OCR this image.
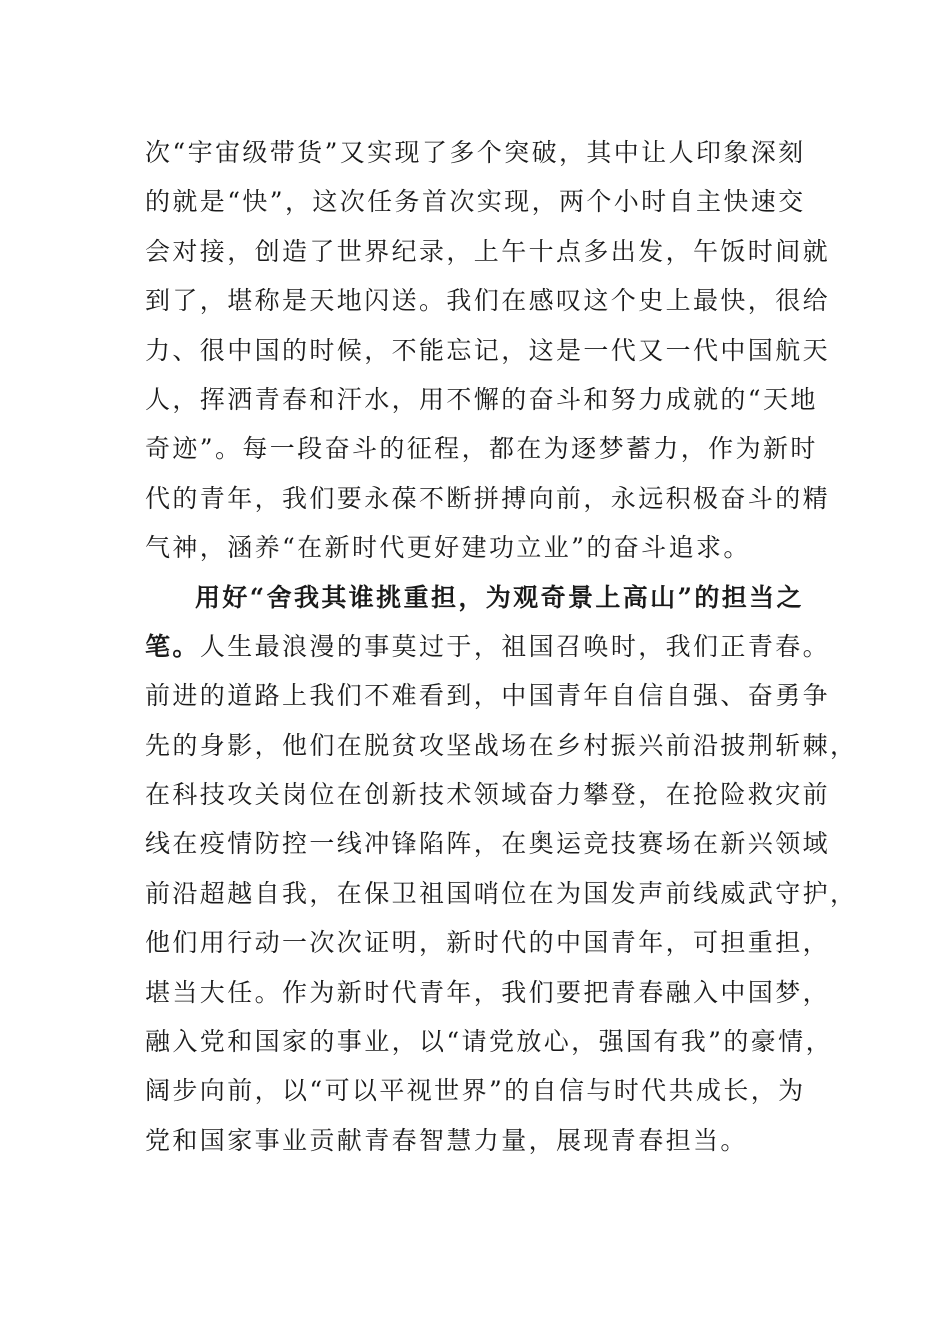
次“宇宙级带货”又实现了多个突破，其中让人印象深刻
的就是“快”，这次任务首次实现，两个小时自主快速交
会对接，创造了世界纪录，上午十点多出发，午饭时间就
到了，堪称是天地闪送。我们在感叹这个史上最快，很给
力、很中国的时候，不能忘记，这是一代又一代中国航天
人，挥洒青春和汗水，用不懈的奋斗和努力成就的“天地
奇迹”。每一段奋斗的征程，都在为逐梦蓄力，作为新时
代的青年，我们要永葆不断拼搏向前，永远积极奋斗的精
气神，涵养“在新时代更好建功立业”的奋斗追求。
用好“舍我其谁挑重担，为观奇景上高山”的担当之
笔。人生最浪漫的事莫过于，祖国召唤时，我们正青春。
前进的道路上我们不难看到，中国青年自信自强、奋勇争
先的身影，他们在脱贫攻坚战场在乡村振兴前沿披荆斩棘，
在科技攻关岗位在创新技术领域奋力攀登，在抢险救灾前
线在疫情防控一线冲锋陷阵，在奥运竞技赛场在新兴领域
前沿超越自我，在保卫祖国哨位在为国发声前线威武守护，
他们用行动一次次证明，新时代的中国青年，可担重担，
堪当大任。作为新时代青年，我们要把青春融入中国梦，
融入党和国家的事业，以“请党放心，强国有我”的豪情，
阔步向前，以“可以平视世界”的自信与时代共成长，为
党和国家事业贡献青春智慧力量，展现青春担当。
